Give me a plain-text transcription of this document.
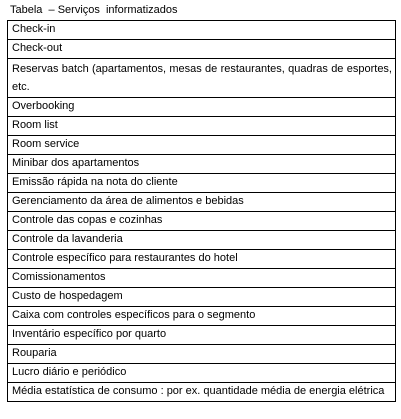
Tabela  – Serviços  informatizados
Check-in
Check-out
Reservas batch (apartamentos, mesas de restaurantes, quadras de esportes, etc.
Overbooking
Room list
Room service
Minibar dos apartamentos
Emissão rápida na nota do cliente
Gerenciamento da área de alimentos e bebidas
Controle das copas e cozinhas
Controle da lavanderia
Controle específico para restaurantes do hotel
Comissionamentos
Custo de hospedagem
Caixa com controles específicos para o segmento
Inventário específico por quarto
Rouparia
Lucro diário e periódico
Média estatística de consumo : por ex. quantidade média de energia elétrica
